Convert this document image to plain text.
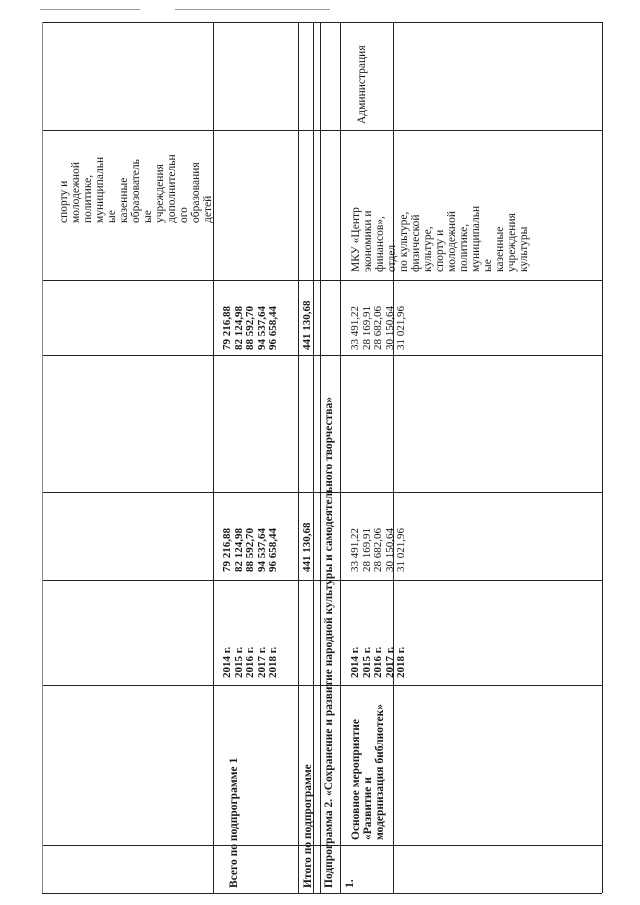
спорту и молодежной политике, муниципальн ые казенные образователь ые учреждения дополнительн ого образования детей
Всего по подпрограмме 1
2014 г. 2015 г. 2016 г. 2017 г. 2018 г.
79 216,88 82 124,98 88 592,70 94 537,64 96 658,44
79 216,88 82 124,98 88 592,70 94 537,64 96 658,44
Итого по подпрограмме
441 130,68
441 130,68
Подпрограмма 2. «Сохранение и развитие народной культуры и самодеятельного творчества» 1.
Основное мероприятие «Развитие и модернизация библиотек»
2014 г. 2015 г. 2016 г. 2017 г. 2018 г.
33 491,22 28 169,91 28 682,06 30 150,64 31 021,96
33 491,22 28 169,91 28 682,06 30 150,64 31 021,96
МКУ «Центр экономики и финансов», отдел по культуре, физической культуре, спорту и молодежной политике, муниципальн ые казенные учреждения культуры
Администрация
